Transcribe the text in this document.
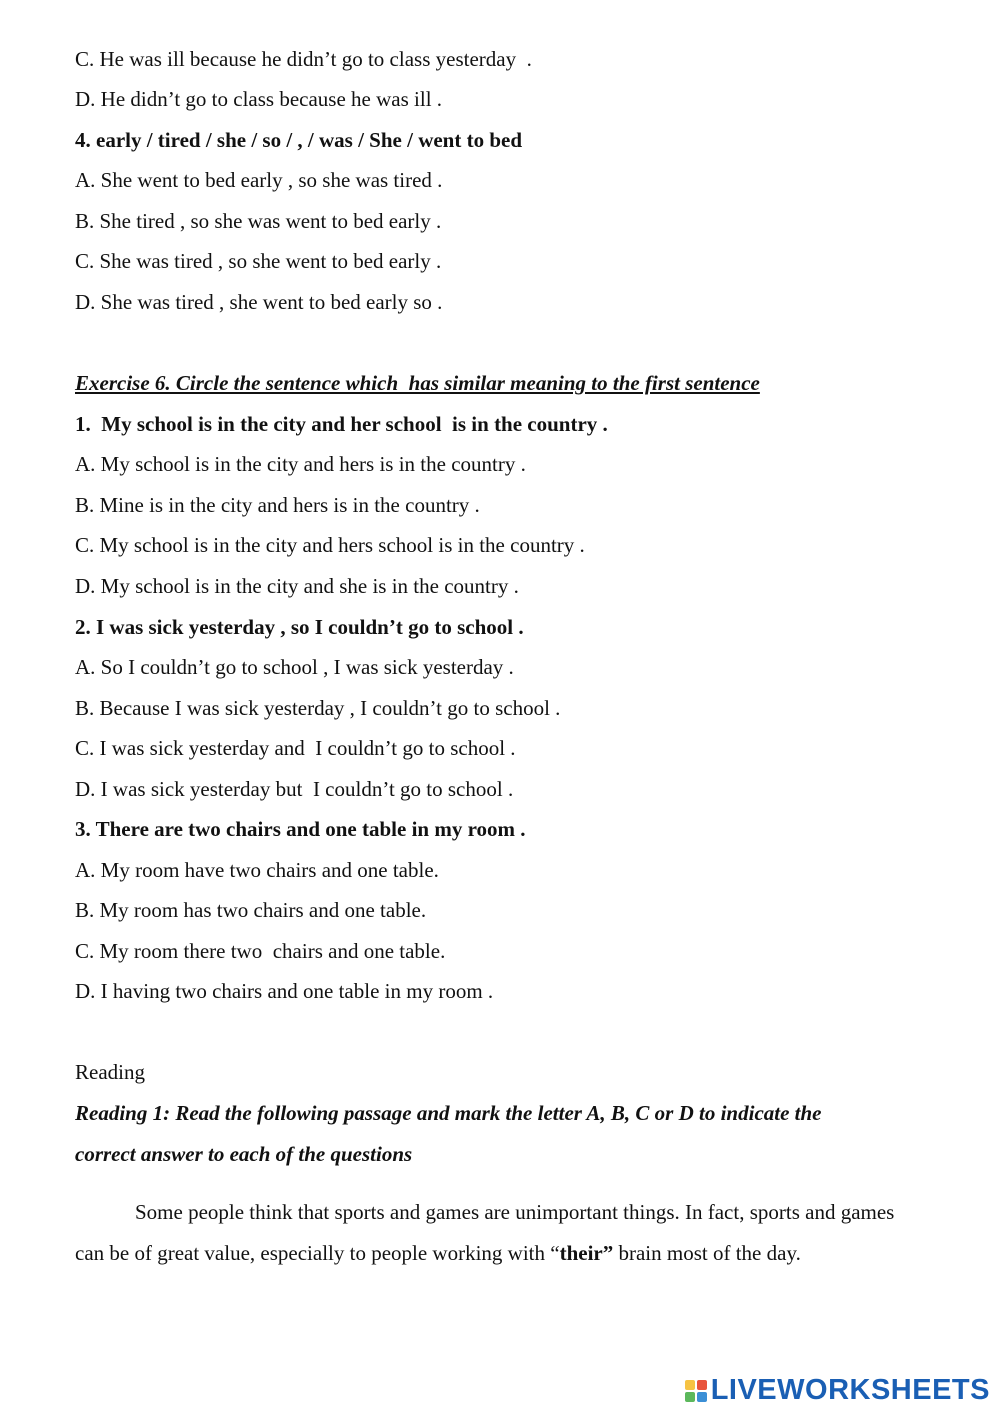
C. He was ill because he didn’t go to class yesterday  .

D. He didn’t go to class because he was ill .

4. early / tired / she / so / , / was / She / went to bed

A. She went to bed early , so she was tired .

B. She tired , so she was went to bed early .

C. She was tired , so she went to bed early .

D. She was tired , she went to bed early so .

Exercise 6. Circle the sentence which  has similar meaning to the first sentence

1.  My school is in the city and her school  is in the country .

A. My school is in the city and hers is in the country .

B. Mine is in the city and hers is in the country .

C. My school is in the city and hers school is in the country .

D. My school is in the city and she is in the country .

2. I was sick yesterday , so I couldn’t go to school .

A. So I couldn’t go to school , I was sick yesterday .

B. Because I was sick yesterday , I couldn’t go to school .

C. I was sick yesterday and  I couldn’t go to school .

D. I was sick yesterday but  I couldn’t go to school .

3. There are two chairs and one table in my room .

A. My room have two chairs and one table.

B. My room has two chairs and one table.

C. My room there two  chairs and one table.

D. I having two chairs and one table in my room .

Reading

Reading 1: Read the following passage and mark the letter A, B, C or D to indicate the

correct answer to each of the questions

Some people think that sports and games are unimportant things. In fact, sports and games can be of great value, especially to people working with “their” brain most of the day.

LIVEWORKSHEETS
